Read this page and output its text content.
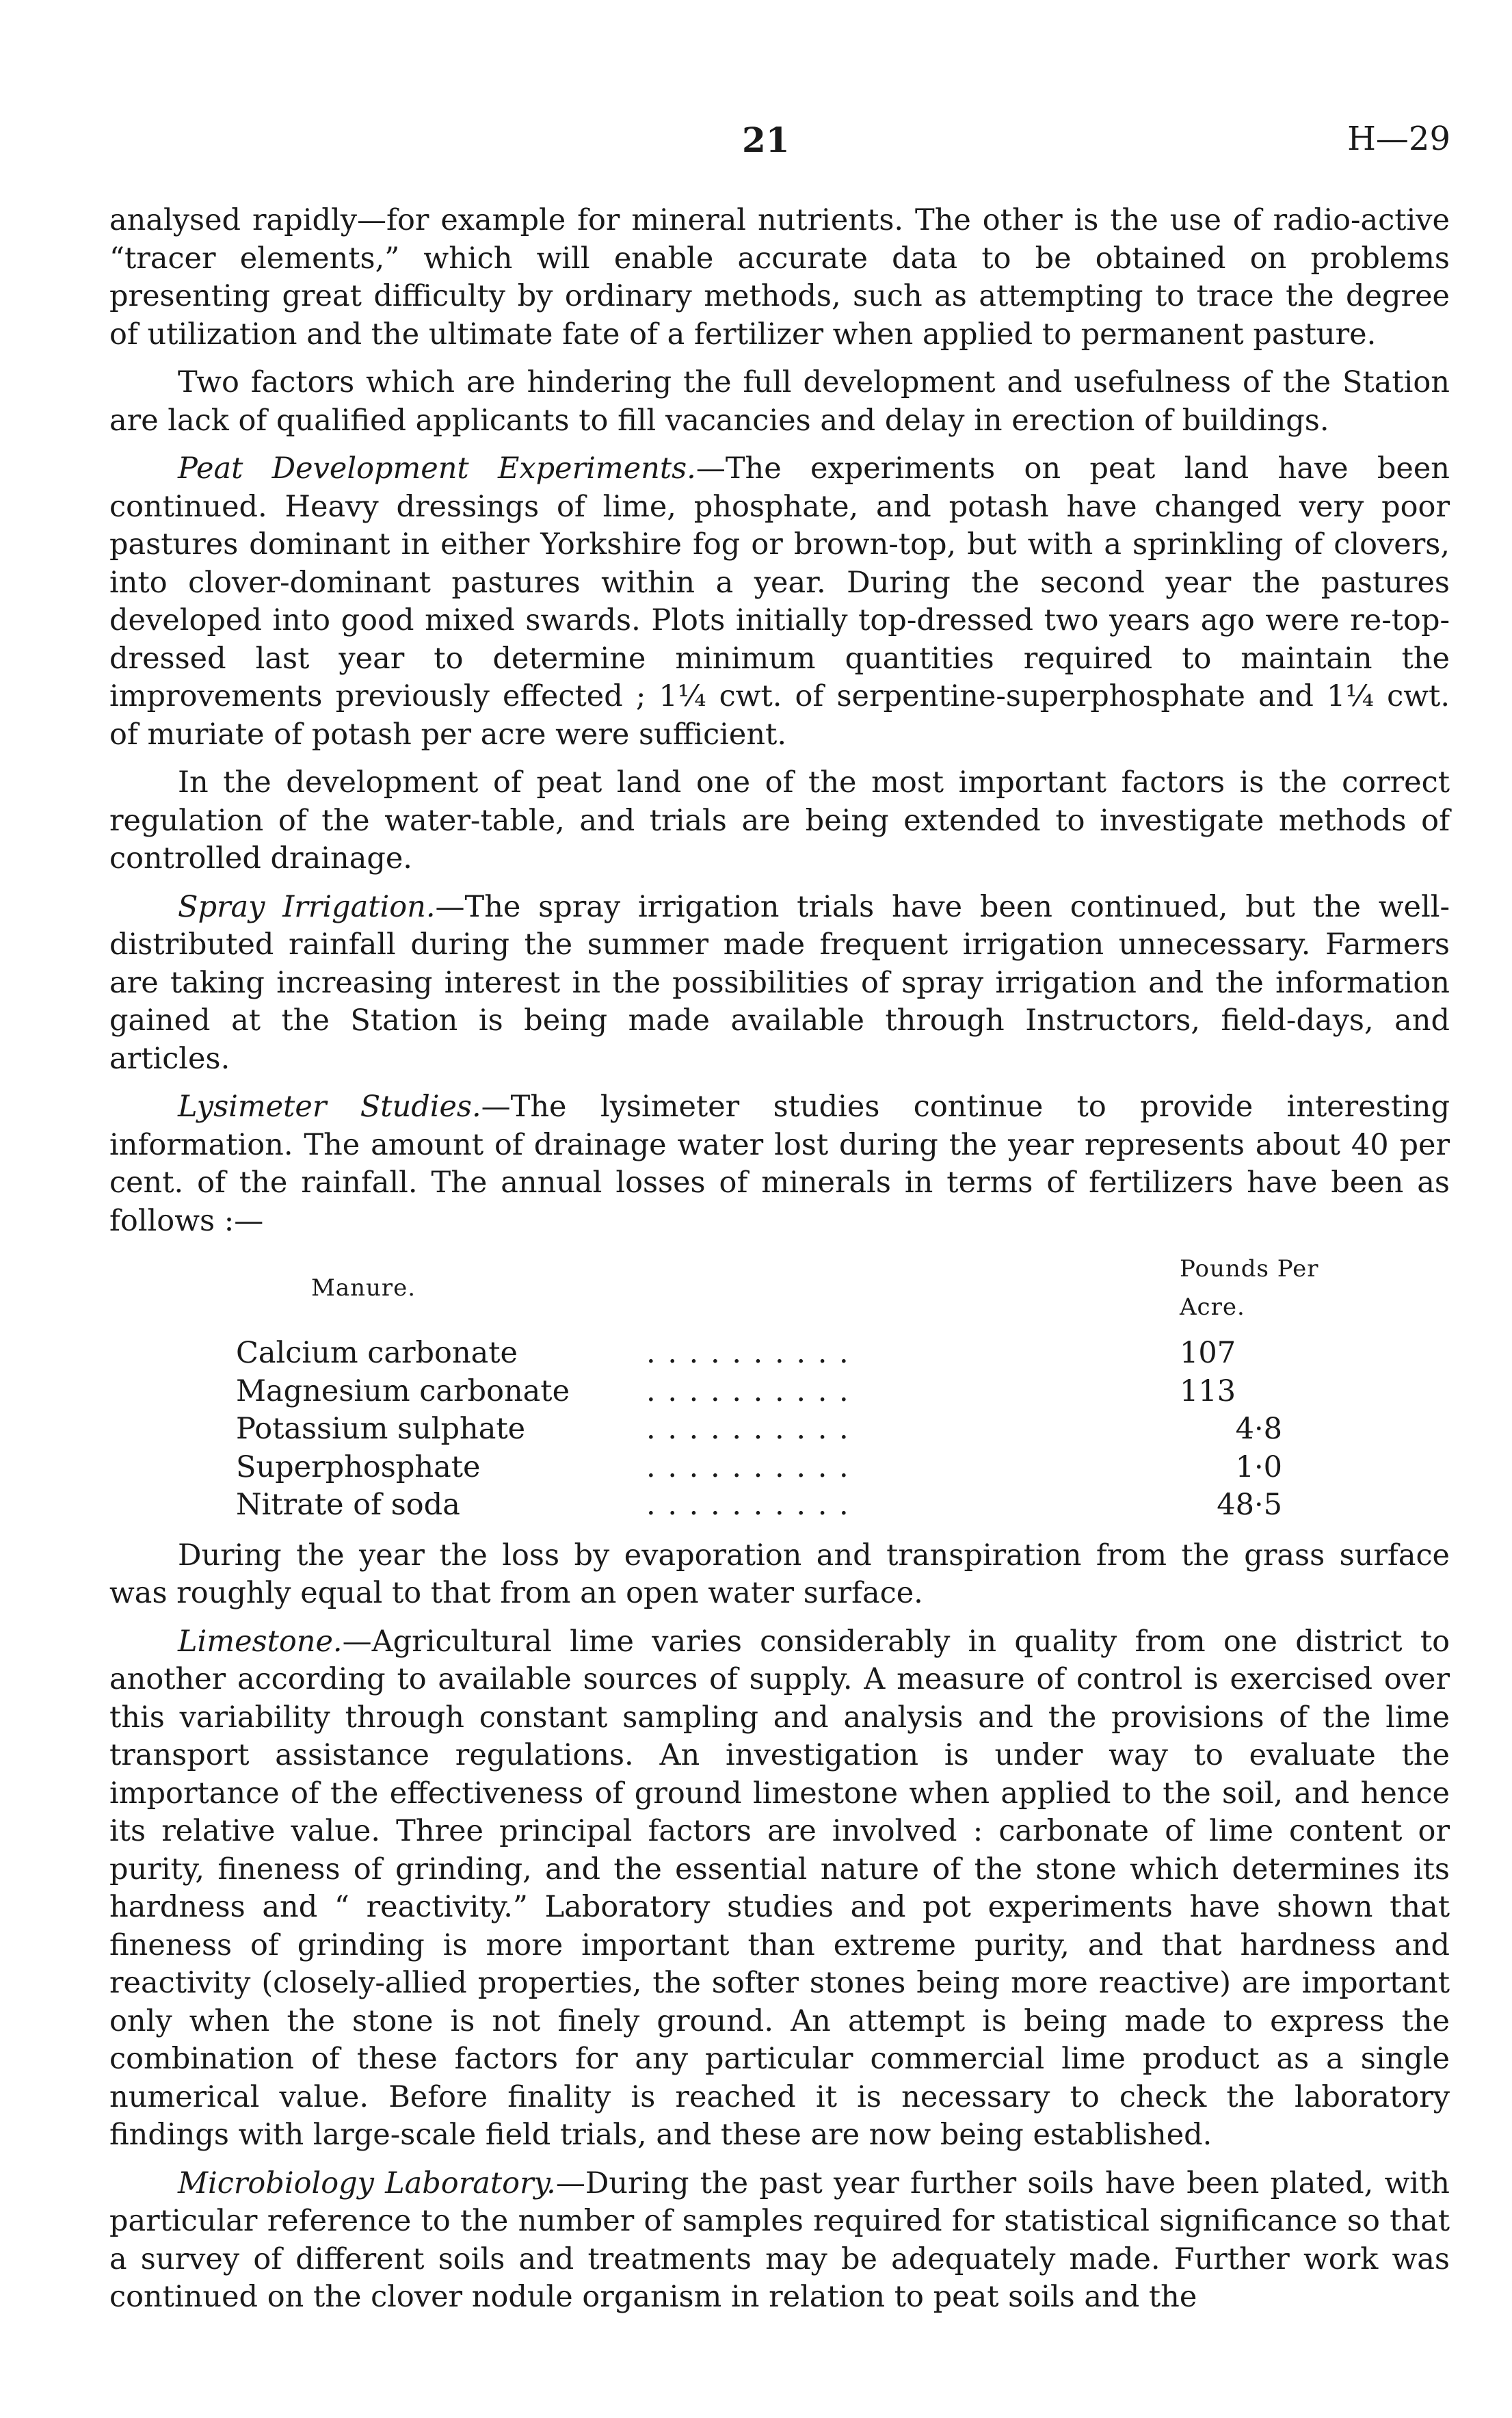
21	H—29

analysed rapidly—for example for mineral nutrients. The other is the use of radio-active “tracer elements,” which will enable accurate data to be obtained on problems presenting great difficulty by ordinary methods, such as attempting to trace the degree of utilization and the ultimate fate of a fertilizer when applied to permanent pasture.

Two factors which are hindering the full development and usefulness of the Station are lack of qualified applicants to fill vacancies and delay in erection of buildings.

Peat Development Experiments.—The experiments on peat land have been continued. Heavy dressings of lime, phosphate, and potash have changed very poor pastures dominant in either Yorkshire fog or brown-top, but with a sprinkling of clovers, into clover-dominant pastures within a year. During the second year the pastures developed into good mixed swards. Plots initially top-dressed two years ago were re-top-dressed last year to determine minimum quantities required to maintain the improvements previously effected ; 1¼ cwt. of serpentine-superphosphate and 1¼ cwt. of muriate of potash per acre were sufficient.

In the development of peat land one of the most important factors is the correct regulation of the water-table, and trials are being extended to investigate methods of controlled drainage.

Spray Irrigation.—The spray irrigation trials have been continued, but the well-distributed rainfall during the summer made frequent irrigation unnecessary. Farmers are taking increasing interest in the possibilities of spray irrigation and the information gained at the Station is being made available through Instructors, field-days, and articles.

Lysimeter Studies.—The lysimeter studies continue to provide interesting information. The amount of drainage water lost during the year represents about 40 per cent. of the rainfall. The annual losses of minerals in terms of fertilizers have been as follows :—

Manure.		Pounds Per Acre.
Calcium carbonate	. . . . . . . . . .	107
Magnesium carbonate	. . . . . . . . . .	113
Potassium sulphate	. . . . . . . . . .	4·8
Superphosphate	. . . . . . . . . .	1·0
Nitrate of soda	. . . . . . . . . .	48·5

During the year the loss by evaporation and transpiration from the grass surface was roughly equal to that from an open water surface.

Limestone.—Agricultural lime varies considerably in quality from one district to another according to available sources of supply. A measure of control is exercised over this variability through constant sampling and analysis and the provisions of the lime transport assistance regulations. An investigation is under way to evaluate the importance of the effectiveness of ground limestone when applied to the soil, and hence its relative value. Three principal factors are involved : carbonate of lime content or purity, fineness of grinding, and the essential nature of the stone which determines its hardness and “ reactivity.” Laboratory studies and pot experiments have shown that fineness of grinding is more important than extreme purity, and that hardness and reactivity (closely-allied properties, the softer stones being more reactive) are important only when the stone is not finely ground. An attempt is being made to express the combination of these factors for any particular commercial lime product as a single numerical value. Before finality is reached it is necessary to check the laboratory findings with large-scale field trials, and these are now being established.

Microbiology Laboratory.—During the past year further soils have been plated, with particular reference to the number of samples required for statistical significance so that a survey of different soils and treatments may be adequately made. Further work was continued on the clover nodule organism in relation to peat soils and the
